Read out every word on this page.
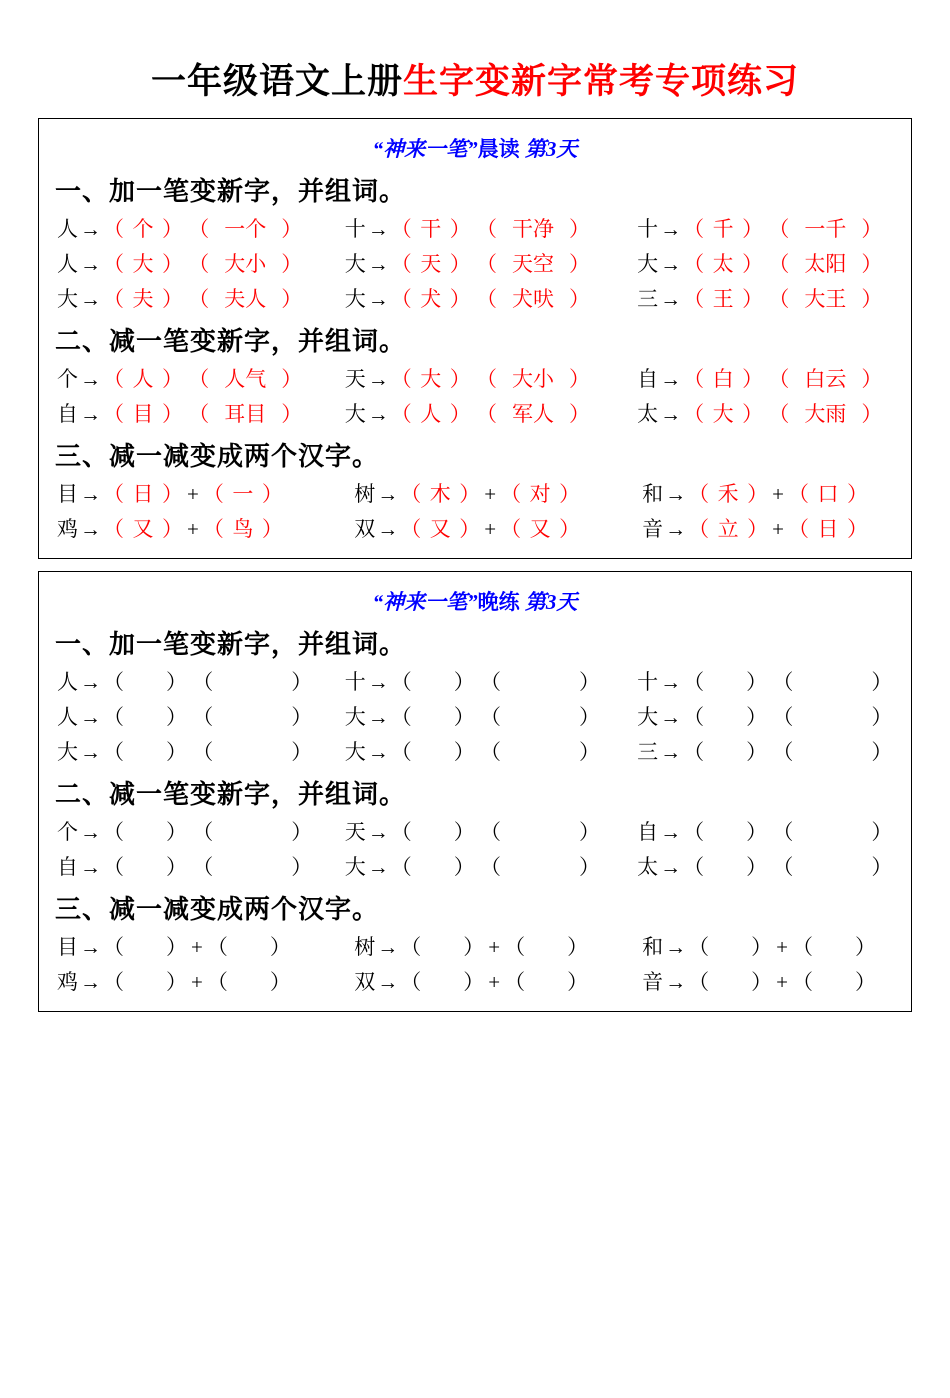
一年级语文上册生字变新字常考专项练习
“神来一笔”晨读 第3天
一、加一笔变新字，并组词。
人→（ 个 ） （ 一个 ）	十→（ 干 ） （ 干净 ）	十→（ 千 ） （ 一千 ）
人→（ 大 ） （ 大小 ）	大→（ 天 ） （ 天空 ）	大→（ 太 ） （ 太阳 ）
大→（ 夫 ） （ 夫人 ）	大→（ 犬 ） （ 犬吠 ）	三→（ 王 ） （ 大王 ）
二、减一笔变新字，并组词。
个→（ 人 ） （ 人气 ）	天→（ 大 ） （ 大小 ）	自→（ 白 ） （ 白云 ）
自→（ 目 ） （ 耳目 ）	大→（ 人 ） （ 军人 ）	太→（ 大 ） （ 大雨 ）
三、减一减变成两个汉字。
目→（ 日 ） + （ 一 ）	树→（ 木 ） + （ 对 ）	和→（ 禾 ） + （ 口 ）
鸡→（ 又 ） + （ 鸟 ）	双→（ 又 ） + （ 又 ）	音→（ 立 ） + （ 日 ）
“神来一笔”晚练 第3天
一、加一笔变新字，并组词。
人→（ ） （	）	十→（ ） （	）	十→（ ） （	）
人→（ ） （	）	大→（ ） （	）	大→（ ） （	）
大→（ ） （	）	大→（ ） （	）	三→（ ） （	）
二、减一笔变新字，并组词。
个→（ ） （	）	天→（ ） （	）	自→（ ） （	）
自→（ ） （	）	大→（ ） （	）	太→（ ） （	）
三、减一减变成两个汉字。
目→（ ） + （ ）	树→（ ） + （ ）	和→（ ） + （ ）
鸡→（ ） + （ ）	双→（ ） + （ ）	音→（ ） + （ ）
